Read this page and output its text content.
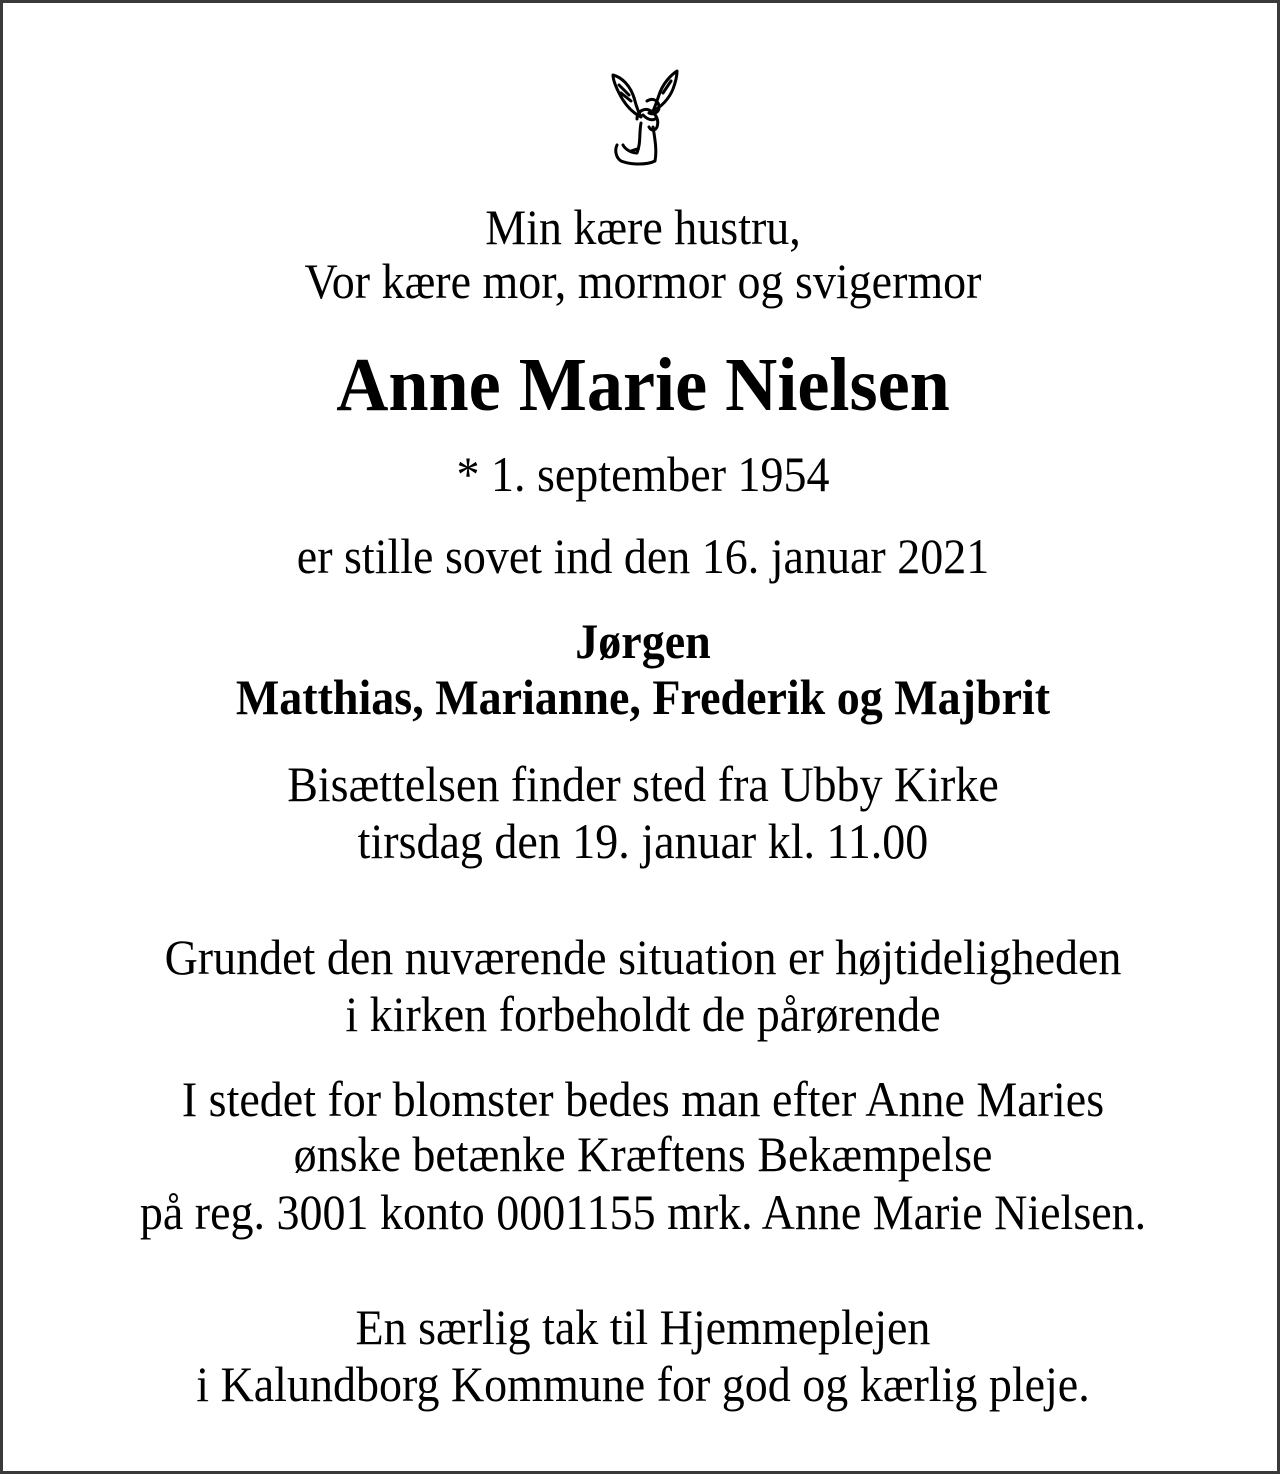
Min kære hustru,
Vor kære mor, mormor og svigermor
Anne Marie Nielsen
* 1. september 1954
er stille sovet ind den 16. januar 2021
Jørgen
Matthias, Marianne, Frederik og Majbrit
Bisættelsen finder sted fra Ubby Kirke
tirsdag den 19. januar kl. 11.00
Grundet den nuværende situation er højtideligheden
i kirken forbeholdt de pårørende
I stedet for blomster bedes man efter Anne Maries
ønske betænke Kræftens Bekæmpelse
på reg. 3001 konto 0001155 mrk. Anne Marie Nielsen.
En særlig tak til Hjemmeplejen
i Kalundborg Kommune for god og kærlig pleje.
